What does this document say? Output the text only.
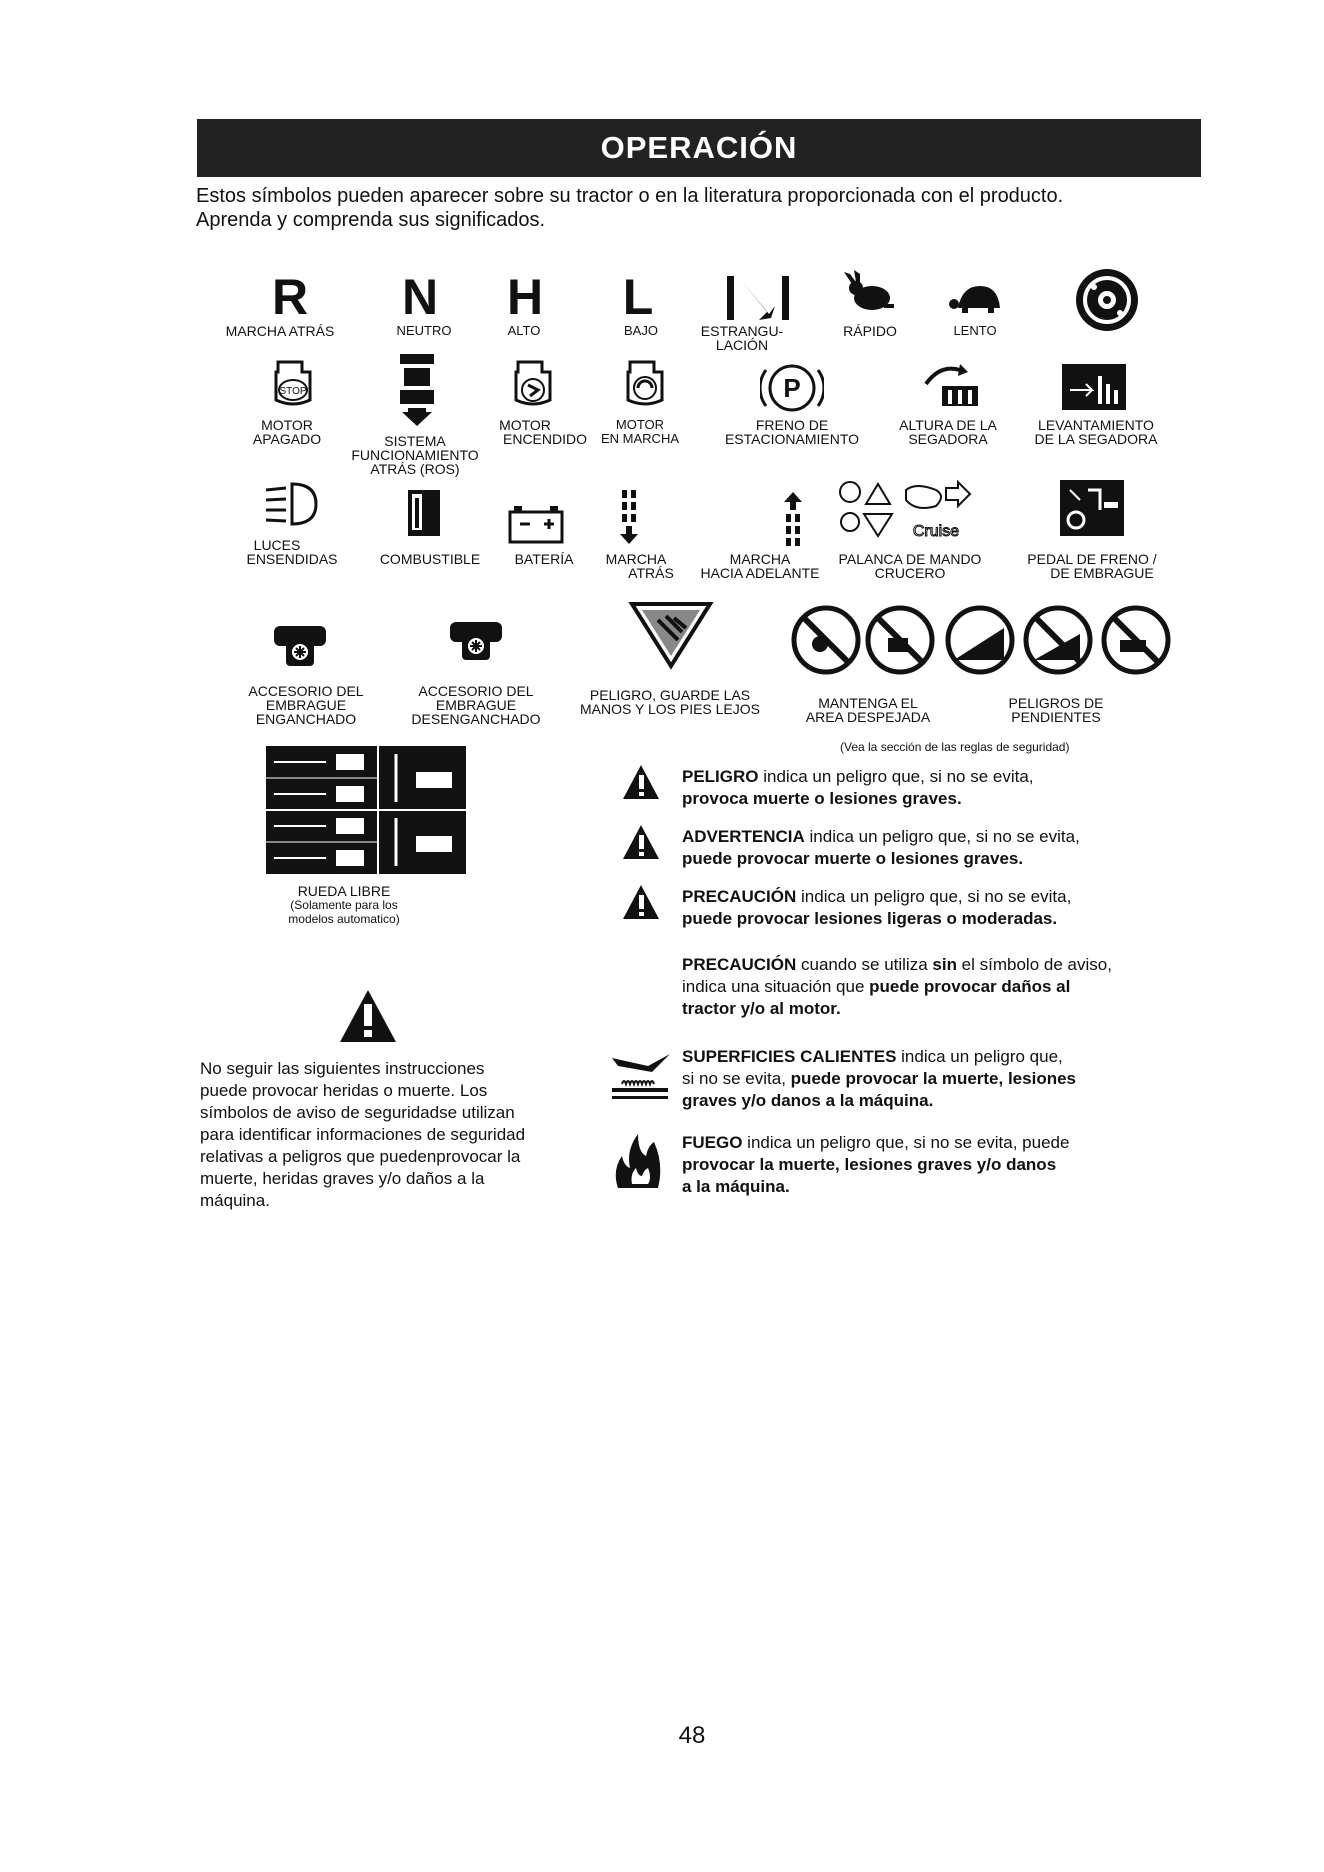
OPERACIÓN
Estos símbolos pueden aparecer sobre su tractor o en la literatura proporcionada con el producto.
Aprenda y comprenda sus significados.
R
MARCHA ATRÁS
N
NEUTRO
H
ALTO
L
BAJO	ESTRANGU-
LACIÓN
RÁPIDO	LENTO
STOP
MOTOR
APAGADO	SISTEMA
FUNCIONAMIENTO
ATRÁS (ROS)
MOTOR
ENCENDIDO
MOTOR
EN MARCHA
P
FRENO DE
ESTACIONAMIENTO
ALTURA DE LA
SEGADORA
LEVANTAMIENTO
DE LA SEGADORA
LUCES
ENSENDIDAS	COMBUSTIBLE BATERÍA	MARCHA
ATRÁS
MARCHA
HACIA ADELANTE
Cruise
PALANCA DE MANDO
CRUCERO
PEDAL DE FRENO /
DE EMBRAGUE
ACCESORIO DEL
EMBRAGUE
ENGANCHADO
ACCESORIO DEL
EMBRAGUE
DESENGANCHADO
PELIGRO, GUARDE LAS
MANOS Y LOS PIES LEJOS	MANTENGA EL
AREA DESPEJADA
PELIGROS DE
PENDIENTES
(Vea la sección de las reglas de seguridad)
RUEDA LIBRE
(Solamente para los
modelos automatico)
No seguir las siguientes instrucciones
puede provocar heridas o muerte. Los
símbolos de aviso de seguridadse utilizan
para identificar informaciones de seguridad
relativas a peligros que puedenprovocar la
muerte, heridas graves y/o daños a la
máquina.
PELIGRO indica un peligro que, si no se evita,
provoca muerte o lesiones graves.
ADVERTENCIA indica un peligro que, si no se evita,
puede provocar muerte o lesiones graves.
PRECAUCIÓN indica un peligro que, si no se evita,
puede provocar lesiones ligeras o moderadas.
PRECAUCIÓN cuando se utiliza sin el símbolo de aviso,
indica una situación que puede provocar daños al
tractor y/o al motor.
SUPERFICIES CALIENTES indica un peligro que,
si no se evita, puede provocar la muerte, lesiones
graves y/o danos a la máquina.
FUEGO indica un peligro que, si no se evita, puede
provocar la muerte, lesiones graves y/o danos
a la máquina.
48
